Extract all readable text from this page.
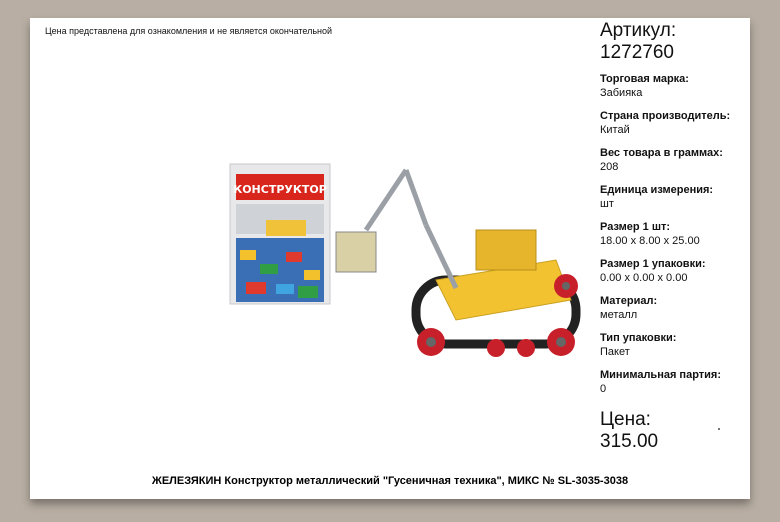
Цена представлена для ознакомления и не является окончательной
КОНСТРУКТОР
Артикул:
1272760
Торговая марка:
Забияка
Страна производитель:
Китай
Вес товара в граммах:
208
Единица измерения:
шт
Размер 1 шт:
18.00 x 8.00 x 25.00
Размер 1 упаковки:
0.00 x 0.00 x 0.00
Материал:
металл
Тип упаковки:
Пакет
Минимальная партия:
0
Цена:
315.00
ЖЕЛЕЗЯКИН Конструктор металлический "Гусеничная техника", МИКС № SL-3035-3038
